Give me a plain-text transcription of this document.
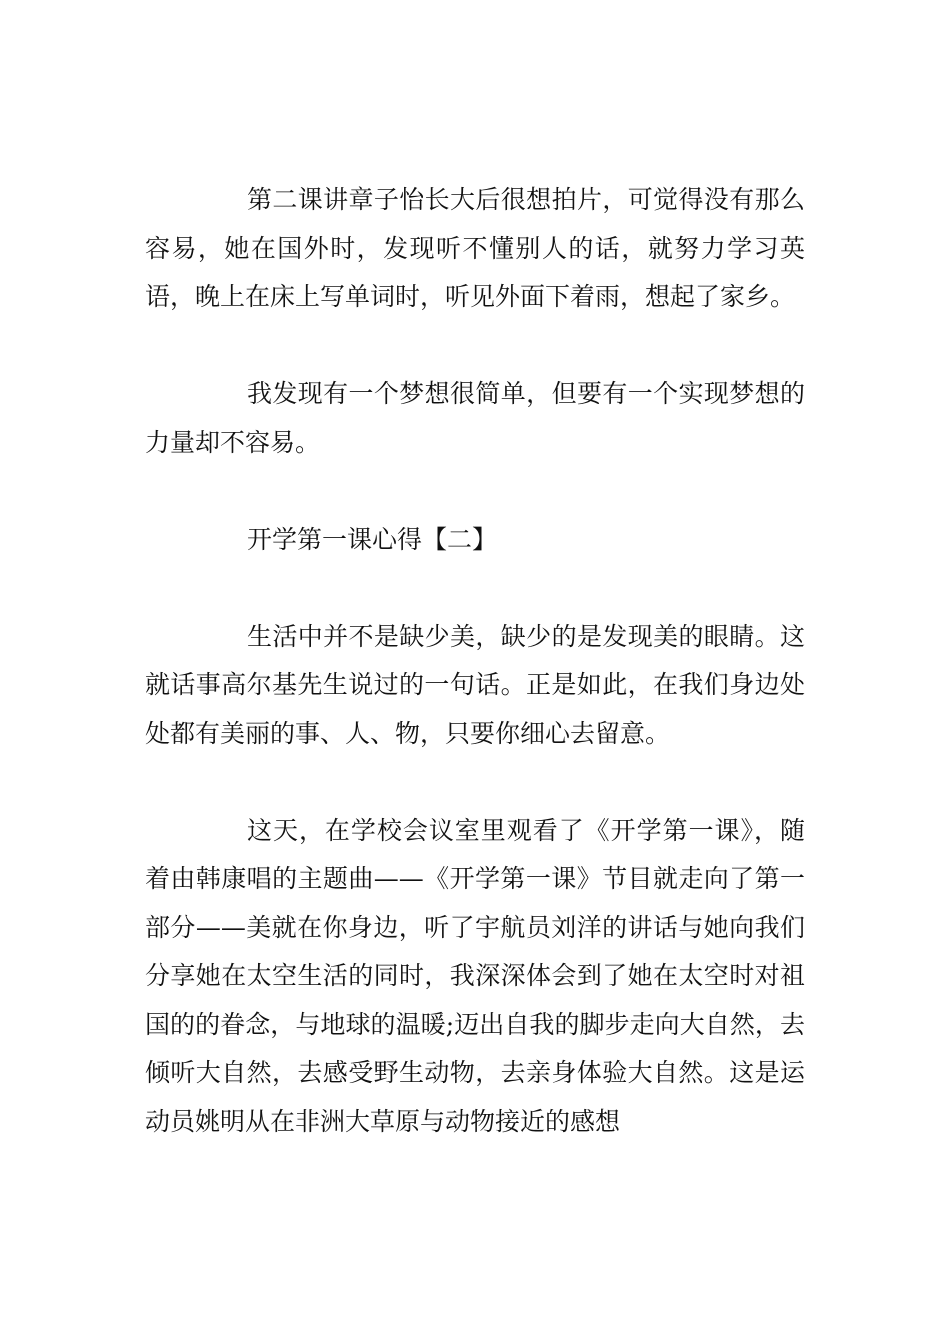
第二课讲章子怡长大后很想拍片，可觉得没有那么容易，她在国外时，发现听不懂别人的话，就努力学习英语，晚上在床上写单词时，听见外面下着雨，想起了家乡。

我发现有一个梦想很简单，但要有一个实现梦想的力量却不容易。

开学第一课心得【二】

生活中并不是缺少美，缺少的是发现美的眼睛。这就话事高尔基先生说过的一句话。正是如此，在我们身边处处都有美丽的事、人、物，只要你细心去留意。

这天，在学校会议室里观看了《开学第一课》，随着由韩康唱的主题曲——《开学第一课》节目就走向了第一部分——美就在你身边，听了宇航员刘洋的讲话与她向我们分享她在太空生活的同时，我深深体会到了她在太空时对祖国的的眷念，与地球的温暖;迈出自我的脚步走向大自然，去倾听大自然，去感受野生动物，去亲身体验大自然。这是运动员姚明从在非洲大草原与动物接近的感想
